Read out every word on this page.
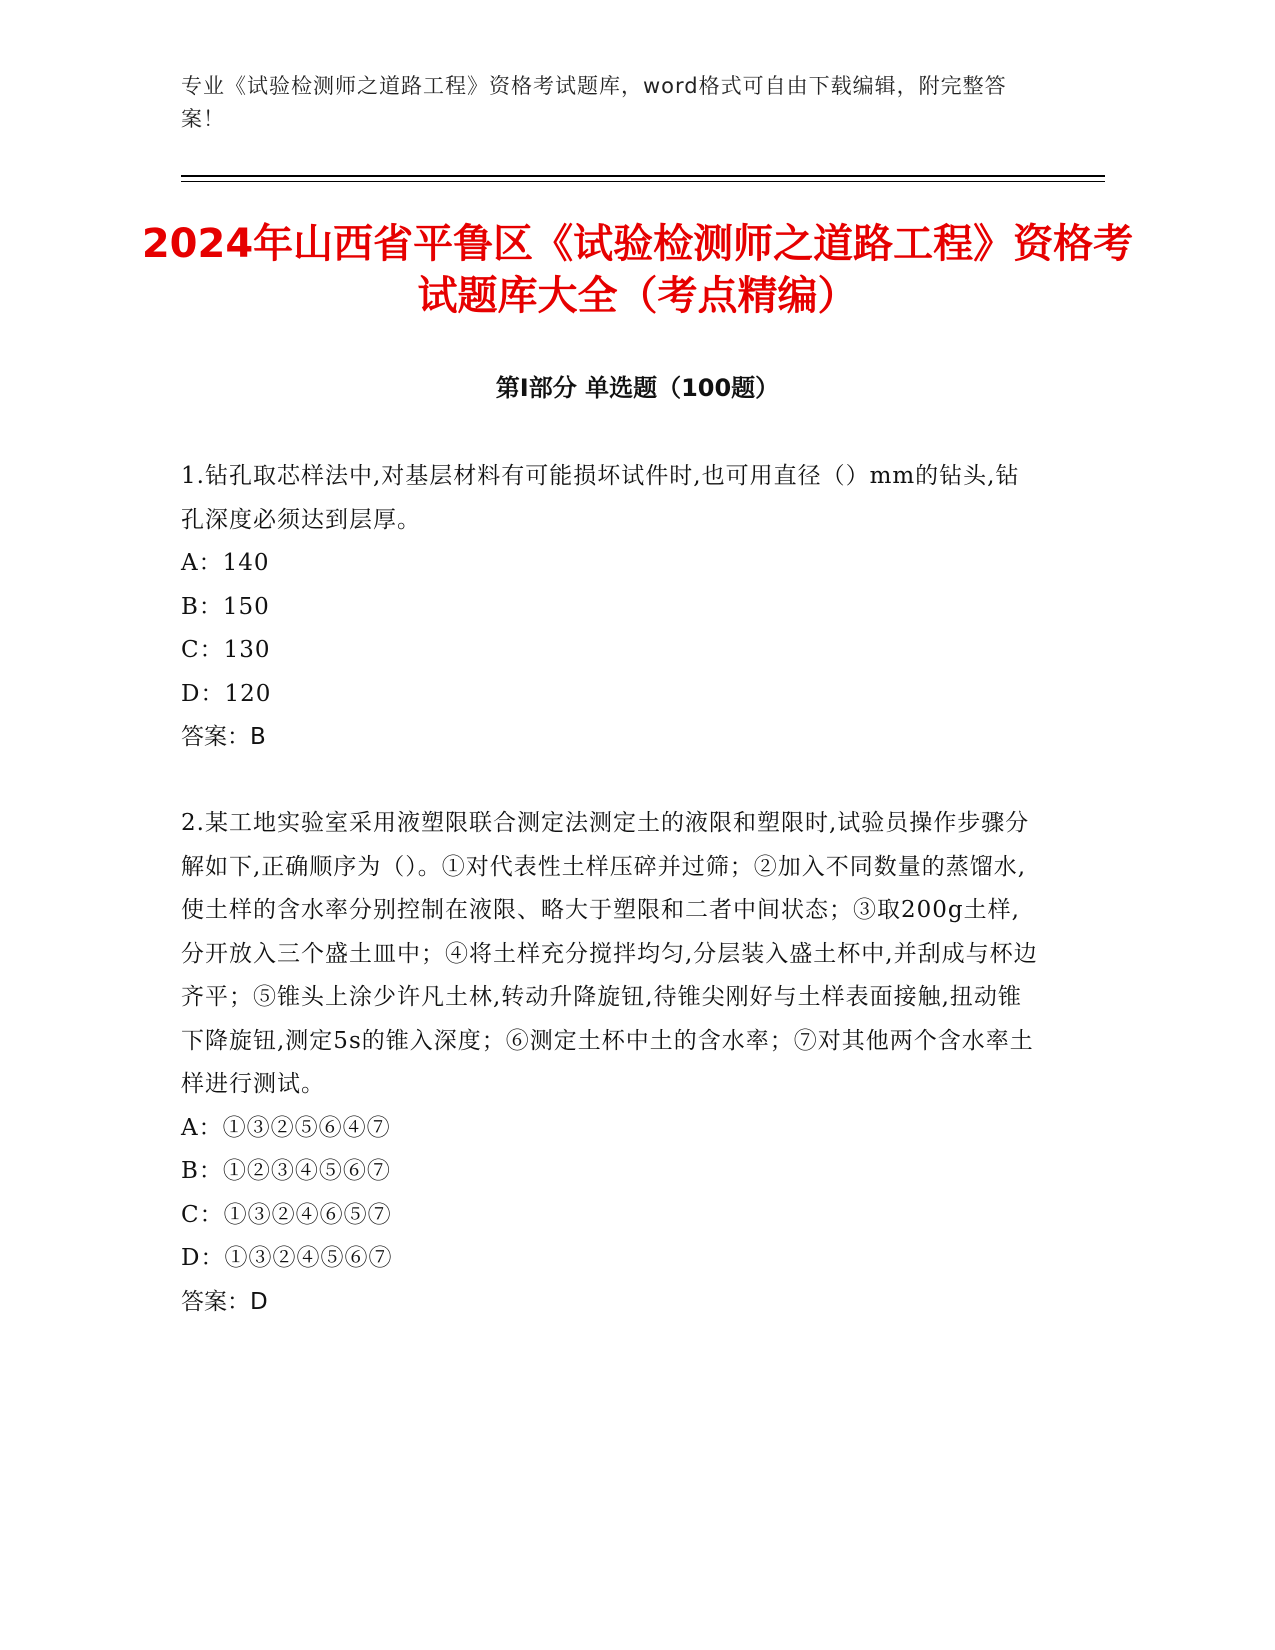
专业《试验检测师之道路工程》资格考试题库，word格式可自由下载编辑，附完整答案！
2024年山西省平鲁区《试验检测师之道路工程》资格考试题库大全（考点精编）
第I部分 单选题（100题）

1.钻孔取芯样法中,对基层材料有可能损坏试件时,也可用直径（）mm的钻头,钻孔深度必须达到层厚。

A：140
B：150
C：130
D：120
答案：B

2.某工地实验室采用液塑限联合测定法测定土的液限和塑限时,试验员操作步骤分解如下,正确顺序为（）。①对代表性土样压碎并过筛；②加入不同数量的蒸馏水,使土样的含水率分别控制在液限、略大于塑限和二者中间状态；③取200g土样,分开放入三个盛土皿中；④将土样充分搅拌均匀,分层装入盛土杯中,并刮成与杯边齐平；⑤锥头上涂少许凡土林,转动升降旋钮,待锥尖刚好与土样表面接触,扭动锥下降旋钮,测定5s的锥入深度；⑥测定土杯中土的含水率；⑦对其他两个含水率土样进行测试。

A：①③②⑤⑥④⑦
B：①②③④⑤⑥⑦
C：①③②④⑥⑤⑦
D：①③②④⑤⑥⑦
答案：D
